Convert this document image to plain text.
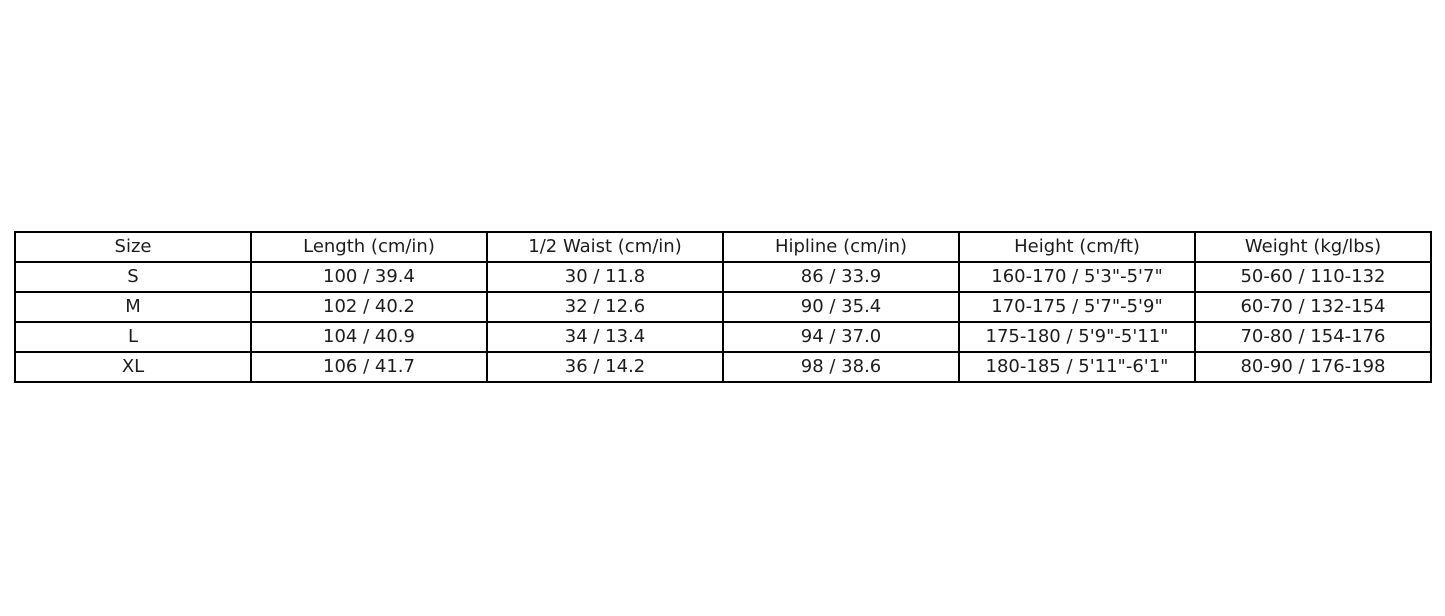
Size	Length (cm/in)	1/2 Waist (cm/in)	Hipline (cm/in)	Height (cm/ft)	Weight (kg/lbs)
S	100 / 39.4	30 / 11.8	86 / 33.9	160-170 / 5'3"-5'7"	50-60 / 110-132
M	102 / 40.2	32 / 12.6	90 / 35.4	170-175 / 5'7"-5'9"	60-70 / 132-154
L	104 / 40.9	34 / 13.4	94 / 37.0	175-180 / 5'9"-5'11"	70-80 / 154-176
XL	106 / 41.7	36 / 14.2	98 / 38.6	180-185 / 5'11"-6'1"	80-90 / 176-198
